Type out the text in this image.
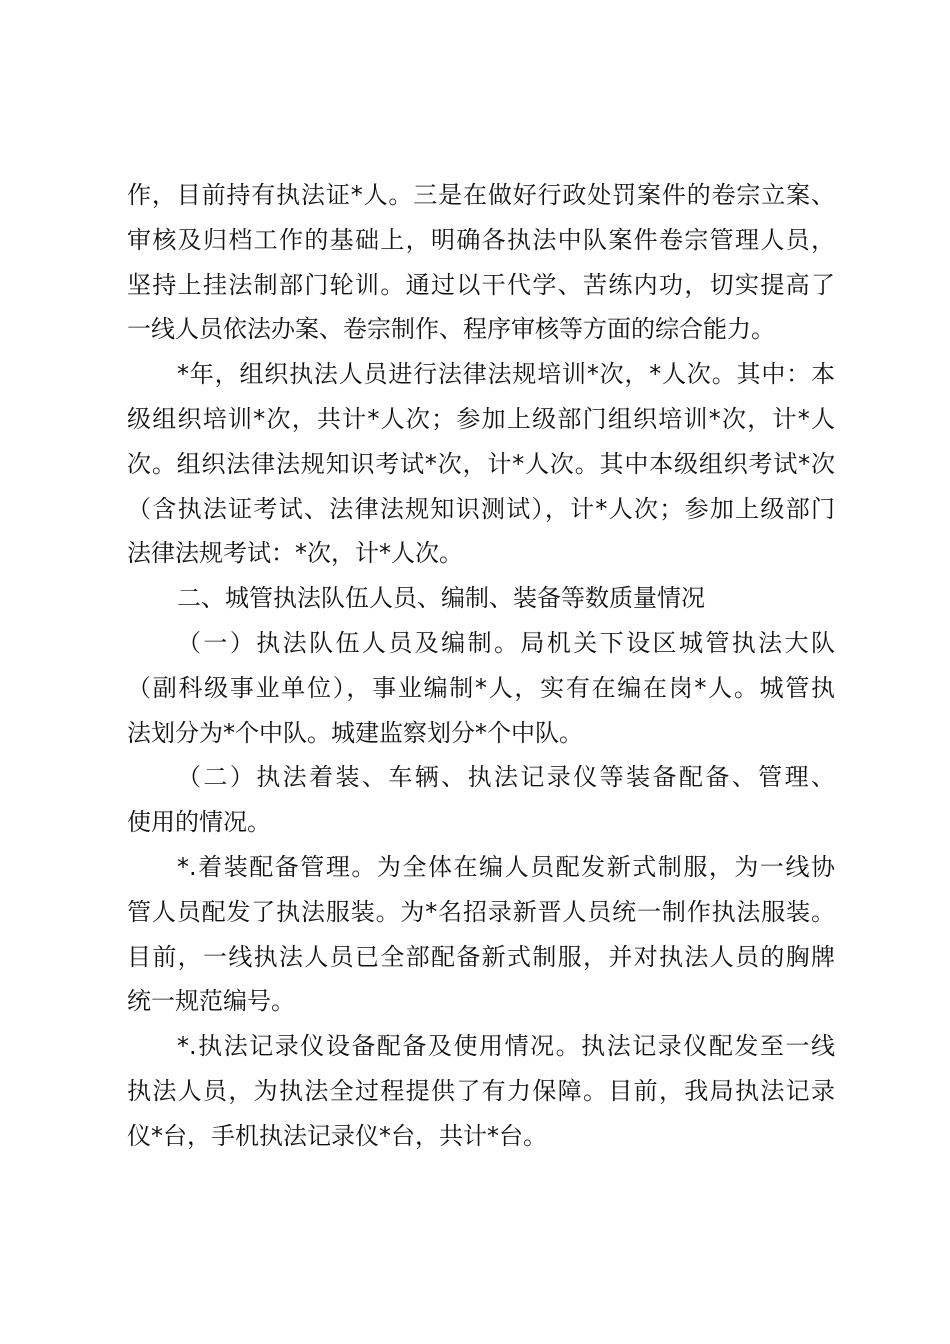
作，目前持有执法证*人。三是在做好行政处罚案件的卷宗立案、
审核及归档工作的基础上，明确各执法中队案件卷宗管理人员，
坚持上挂法制部门轮训。通过以干代学、苦练内功，切实提高了
一线人员依法办案、卷宗制作、程序审核等方面的综合能力。
*年，组织执法人员进行法律法规培训*次，*人次。其中：本
级组织培训*次，共计*人次；参加上级部门组织培训*次，计*人
次。组织法律法规知识考试*次，计*人次。其中本级组织考试*次
（含执法证考试、法律法规知识测试），计*人次；参加上级部门
法律法规考试：*次，计*人次。
二、城管执法队伍人员、编制、装备等数质量情况
（一）执法队伍人员及编制。局机关下设区城管执法大队
（副科级事业单位），事业编制*人，实有在编在岗*人。城管执
法划分为*个中队。城建监察划分*个中队。
（二）执法着装、车辆、执法记录仪等装备配备、管理、
使用的情况。
*.着装配备管理。为全体在编人员配发新式制服，为一线协
管人员配发了执法服装。为*名招录新晋人员统一制作执法服装。
目前，一线执法人员已全部配备新式制服，并对执法人员的胸牌
统一规范编号。
*.执法记录仪设备配备及使用情况。执法记录仪配发至一线
执法人员，为执法全过程提供了有力保障。目前，我局执法记录
仪*台，手机执法记录仪*台，共计*台。
